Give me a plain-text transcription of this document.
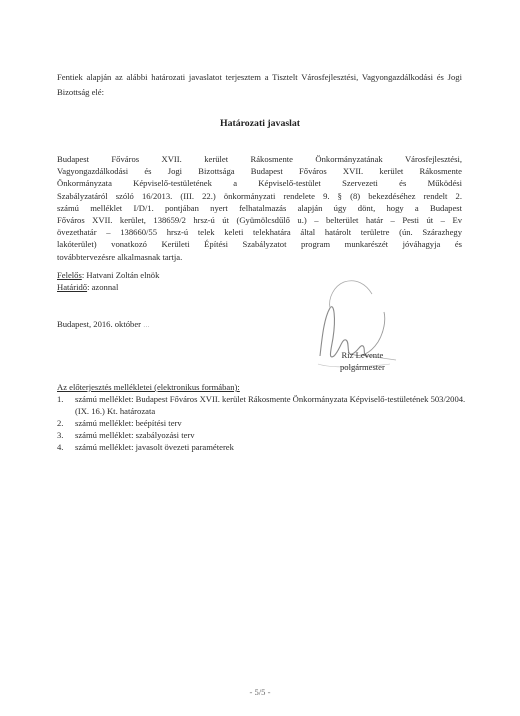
Fentiek alapján az alábbi határozati javaslatot terjesztem a Tisztelt Városfejlesztési, Vagyongazdálkodási és Jogi Bizottság elé:
Határozati javaslat
Budapest Főváros XVII. kerület Rákosmente Önkormányzatának Városfejlesztési,
Vagyongazdálkodási és Jogi Bizottsága Budapest Főváros XVII. kerület Rákosmente
Önkormányzata Képviselő-testületének a Képviselő-testület Szervezeti és Működési
Szabályzatáról szóló 16/2013. (III. 22.) önkormányzati rendelete 9. § (8) bekezdéséhez rendelt 2.
számú melléklet I/D/1. pontjában nyert felhatalmazás alapján úgy dönt, hogy a Budapest
Főváros XVII. kerület, 138659/2 hrsz-ú út (Gyümölcsdűlő u.) – belterület határ – Pesti út – Ev
övezethatár – 138660/55 hrsz-ú telek keleti telekhatára által határolt területre (ún. Szárazhegy
lakóterület) vonatkozó Kerületi Építési Szabályzatot program munkarészét jóváhagyja és
továbbtervezésre alkalmasnak tartja.
Felelős: Hatvani Zoltán elnök
Határidő: azonnal
Budapest, 2016. október ...
Riz Levente
polgármester
Az előterjesztés mellékletei (elektronikus formában):
1. számú melléklet: Budapest Főváros XVII. kerület Rákosmente Önkormányzata Képviselő-testületének 503/2004. (IX. 16.) Kt. határozata
2. számú melléklet: beépítési terv
3. számú melléklet: szabályozási terv
4. számú melléklet: javasolt övezeti paraméterek
- 5/5 -
